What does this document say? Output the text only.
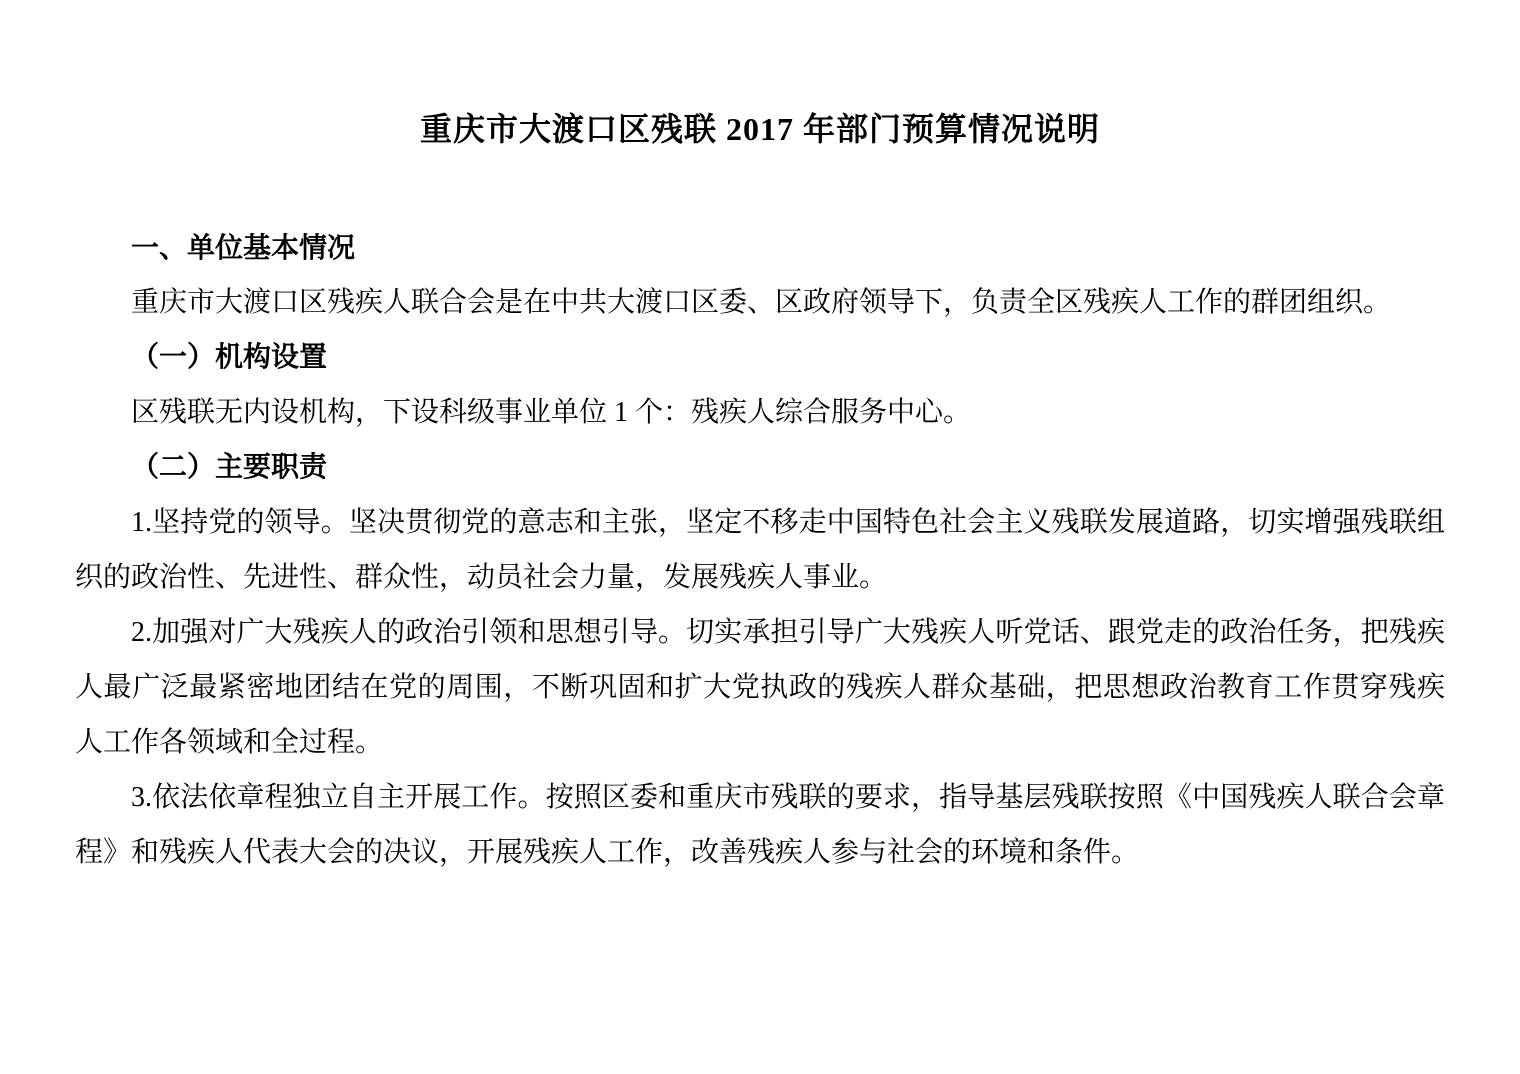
重庆市大渡口区残联 2017 年部门预算情况说明
一、单位基本情况

重庆市大渡口区残疾人联合会是在中共大渡口区委、区政府领导下，负责全区残疾人工作的群团组织。

（一）机构设置

区残联无内设机构，下设科级事业单位 1 个：残疾人综合服务中心。

（二）主要职责

1.坚持党的领导。坚决贯彻党的意志和主张，坚定不移走中国特色社会主义残联发展道路，切实增强残联组织的政治性、先进性、群众性，动员社会力量，发展残疾人事业。

2.加强对广大残疾人的政治引领和思想引导。切实承担引导广大残疾人听党话、跟党走的政治任务，把残疾人最广泛最紧密地团结在党的周围，不断巩固和扩大党执政的残疾人群众基础，把思想政治教育工作贯穿残疾人工作各领域和全过程。

3.依法依章程独立自主开展工作。按照区委和重庆市残联的要求，指导基层残联按照《中国残疾人联合会章程》和残疾人代表大会的决议，开展残疾人工作，改善残疾人参与社会的环境和条件。
